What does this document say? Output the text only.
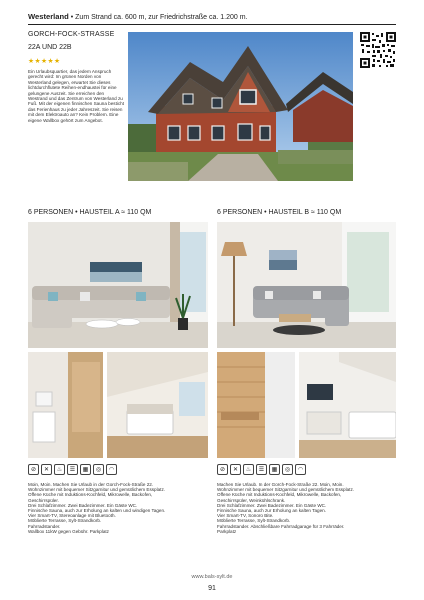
Westerland • Zum Strand ca. 600 m, zur Friedrichstraße ca. 1.200 m.
GORCH-FOCK-STRASSE
22A UND 22B
★★★★★
Ein Urlaubsquartier, das jedem Anspruch gerecht wird: Im grünen Norden von Westerland gelegen, erwartet Sie dieses lichtdurchflutete Reihen-endhaustei für eine gelungene Auszeit. Sie erreichen den Westrand und das Zentrum von Westerland zu Fuß. Mit der eigenen finnischen Sauna besticht das Ferienhaus zu jeder Jahreszeit. Sie reisen mit dem Elektroauto an? Kein Problem. Eine eigene Wallbox gehört zum Angebot.
6 PERSONEN • HAUSTEIL A ≈ 110 QM	6 PERSONEN • HAUSTEIL B ≈ 110 QM
⊘	✕	♨	☰	▦	◎	◠	⊘	✕	♨	☰	▦	◎	◠
Moin, Moin. Machen Sie Urlaub in der Gorch-Fock-Straße 22.
Wohnzimmer mit bequemer Sitzgarnitur und gemütlichem Essplatz.
Offene Küche mit Induktions-Kochfeld, Mikrowelle, Backofen,
Geschirrspüler.
Drei Schlafzimmer. Zwei Badezimmer. Ein Gäste WC.
Finnische Sauna, auch zur Erholung an kalten und windigen Tagen.
Vier Smart-TV, Stereoanlage mit Bluetooth.
Möblierte Terrasse, Sylt-Strandkorb.
Fahrradstander.
Wallbox 11kW gegen Gebühr. Parkplatz
Machen Sie Urlaub. In der Gorch-Fock-Straße 22. Moin, Moin.
Wohnzimmer mit bequemer Sitzgarnitur und gemütlichem Essplatz.
Offene Küche mit Induktions-Kochfeld, Mikrowelle, Backofen,
Geschirrspüler, Weinkühlschrank.
Drei Schlafzimmer. Zwei Badezimmer. Ein Gäste WC.
Finnische Sauna, auch zur Erholung an kalten Tagen.
Vier Smart-TV, Sonoro Bite.
Möblierte Terrasse, Sylt-Strandkorb.
Fahrradstander. Abschließbare Fahrradgarage für 3 Fahrräder.
Parkplatz
www.bals-sylt.de
91
